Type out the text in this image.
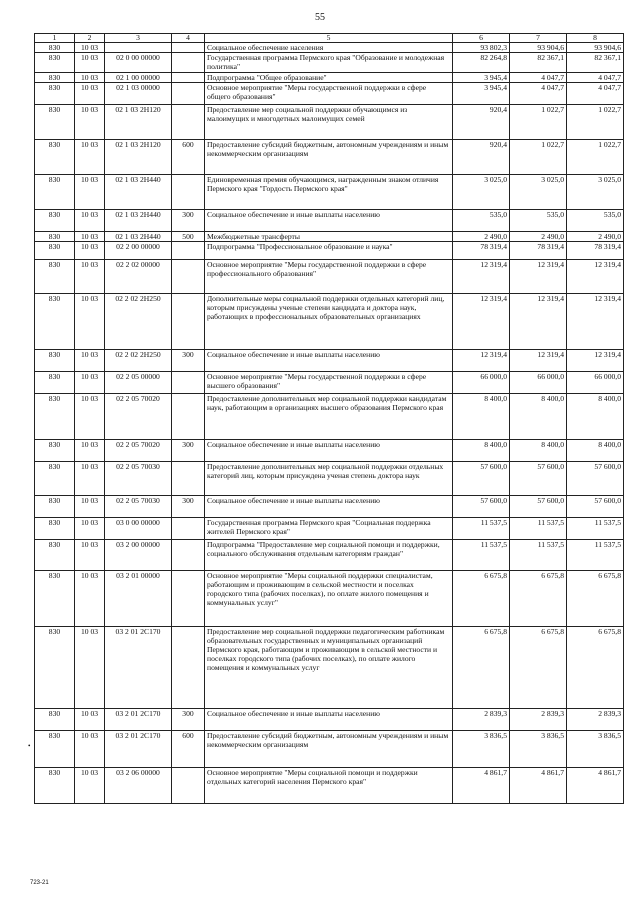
55
1	2	3	4	5	6	7	8
830	10 03			Социальное обеспечение населения	93 802,3	93 904,6	93 904,6
830	10 03	02 0 00 00000		Государственная программа Пермского края "Образование и молодежная политика"	82 264,8	82 367,1	82 367,1
830	10 03	02 1 00 00000		Подпрограмма "Общее образование"	3 945,4	4 047,7	4 047,7
830	10 03	02 1 03 00000		Основное мероприятие "Меры государственной поддержки в сфере общего образования"	3 945,4	4 047,7	4 047,7
830	10 03	02 1 03 2Н120		Предоставление мер социальной поддержки обучающимся из малоимущих и многодетных малоимущих семей	920,4	1 022,7	1 022,7
830	10 03	02 1 03 2Н120	600	Предоставление субсидий бюджетным, автономным учреждениям и иным некоммерческим организациям	920,4	1 022,7	1 022,7
830	10 03	02 1 03 2Н440		Единовременная премия обучающимся, награжденным знаком отличия Пермского края "Гордость Пермского края"	3 025,0	3 025,0	3 025,0
830	10 03	02 1 03 2Н440	300	Социальное обеспечение и иные выплаты населению	535,0	535,0	535,0
830	10 03	02 1 03 2Н440	500	Межбюджетные трансферты	2 490,0	2 490,0	2 490,0
830	10 03	02 2 00 00000		Подпрограмма "Профессиональное образование и наука"	78 319,4	78 319,4	78 319,4
830	10 03	02 2 02 00000		Основное мероприятие "Меры государственной поддержки в сфере профессионального образования"	12 319,4	12 319,4	12 319,4
830	10 03	02 2 02 2Н250		Дополнительные меры социальной поддержки отдельных категорий лиц, которым присуждены ученые степени кандидата и доктора наук, работающих в профессиональных образовательных организациях	12 319,4	12 319,4	12 319,4
830	10 03	02 2 02 2Н250	300	Социальное обеспечение и иные выплаты населению	12 319,4	12 319,4	12 319,4
830	10 03	02 2 05 00000		Основное мероприятие "Меры государственной поддержки в сфере высшего образования"	66 000,0	66 000,0	66 000,0
830	10 03	02 2 05 70020		Предоставление дополнительных мер социальной поддержки кандидатам наук, работающим в организациях высшего образования Пермского края	8 400,0	8 400,0	8 400,0
830	10 03	02 2 05 70020	300	Социальное обеспечение и иные выплаты населению	8 400,0	8 400,0	8 400,0
830	10 03	02 2 05 70030		Предоставление дополнительных мер социальной поддержки отдельных категорий лиц, которым присуждена ученая степень доктора наук	57 600,0	57 600,0	57 600,0
830	10 03	02 2 05 70030	300	Социальное обеспечение и иные выплаты населению	57 600,0	57 600,0	57 600,0
830	10 03	03 0 00 00000		Государственная программа Пермского края "Социальная поддержка жителей Пермского края"	11 537,5	11 537,5	11 537,5
830	10 03	03 2 00 00000		Подпрограмма "Предоставление мер социальной помощи и поддержки, социального обслуживания отдельным категориям граждан"	11 537,5	11 537,5	11 537,5
830	10 03	03 2 01 00000		Основное мероприятие "Меры социальной поддержки специалистам, работающим и проживающим в сельской местности и поселках городского типа (рабочих поселках), по оплате жилого помещения и коммунальных услуг"	6 675,8	6 675,8	6 675,8
830	10 03	03 2 01 2С170		Предоставление мер социальной поддержки педагогическим работникам образовательных государственных и муниципальных организаций Пермского края, работающим и проживающим в сельской местности и поселках городского типа (рабочих поселках), по оплате жилого помещения и коммунальных услуг	6 675,8	6 675,8	6 675,8
830	10 03	03 2 01 2С170	300	Социальное обеспечение и иные выплаты населению	2 839,3	2 839,3	2 839,3
830	10 03	03 2 01 2С170	600	Предоставление субсидий бюджетным, автономным учреждениям и иным некоммерческим организациям	3 836,5	3 836,5	3 836,5
830	10 03	03 2 06 00000		Основное мероприятие "Меры социальной помощи и поддержки отдельных категорий населения Пермского края"	4 861,7	4 861,7	4 861,7
•
723-21
